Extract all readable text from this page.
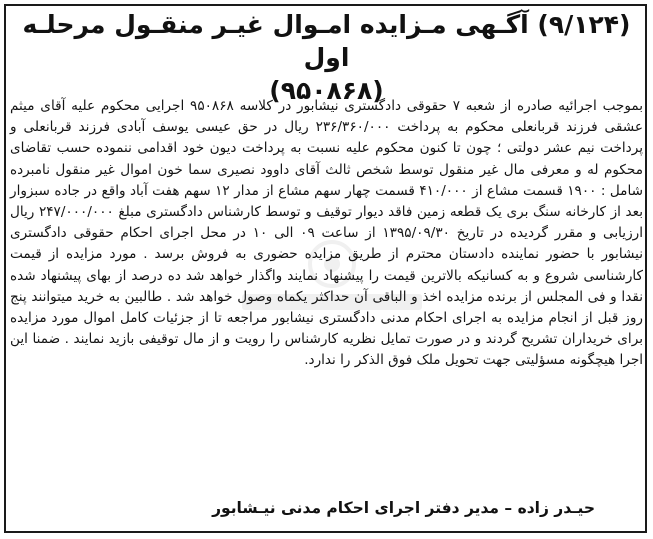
(۹/۱۲۴) آگـهی مـزایده امـوال غیـر منقـول مرحلـه اول
(۹۵۰۸۶۸)
بموجب اجرائیه صادره از شعبه ۷ حقوقی دادگستری نیشابور در کلاسه ۹۵۰۸۶۸ اجرایی محکوم علیه آقای میثم عشقی فرزند قربانعلی محکوم به پرداخت ۲۳۶/۳۶۰/۰۰۰ ریال در حق عیسی یوسف آبادی فرزند قربانعلی و پرداخت نیم عشر دولتی ؛ چون تا کنون محکوم علیه نسبت به پرداخت دیون خود اقدامی ننموده حسب تقاضای محکوم له و معرفی مال غیر منقول توسط شخص ثالث آقای داوود نصیری سما خون اموال غیر منقول نامبرده شامل : ۱۹۰۰ قسمت مشاع از ۴۱۰/۰۰۰ قسمت چهار سهم مشاع از مدار ۱۲ سهم هفت آباد واقع در جاده سبزوار بعد از کارخانه سنگ بری یک قطعه زمین فاقد دیوار توقیف و توسط کارشناس دادگستری مبلغ ۲۴۷/۰۰۰/۰۰۰ ریال ارزیابی و مقرر گردیده در تاریخ ۱۳۹۵/۰۹/۳۰ از ساعت ۰۹ الی ۱۰ در محل اجرای احکام حقوقی دادگستری نیشابور با حضور نماینده دادستان محترم از طریق مزایده حضوری به فروش برسد . مورد مزایده از قیمت کارشناسی شروع و به کسانیکه بالاترین قیمت را پیشنهاد نمایند واگذار خواهد شد ده درصد از بهای پیشنهاد شده نقدا و فی المجلس از برنده مزایده اخذ و الباقی آن حداکثر یکماه وصول خواهد شد . طالبین به خرید میتوانند پنج روز قبل از انجام مزایده به اجرای احکام مدنی دادگستری نیشابور مراجعه تا از جزئیات کامل اموال مورد مزایده برای خریداران تشریح گردند و در صورت تمایل نظریه کارشناس را رویت و از مال توقیفی بازید نمایند . ضمنا این اجرا هیچگونه مسؤلیتی جهت تحویل ملک فوق الذکر را ندارد.
حیـدر زاده – مدیر دفتر اجرای احکام مدنی نیـشابور
